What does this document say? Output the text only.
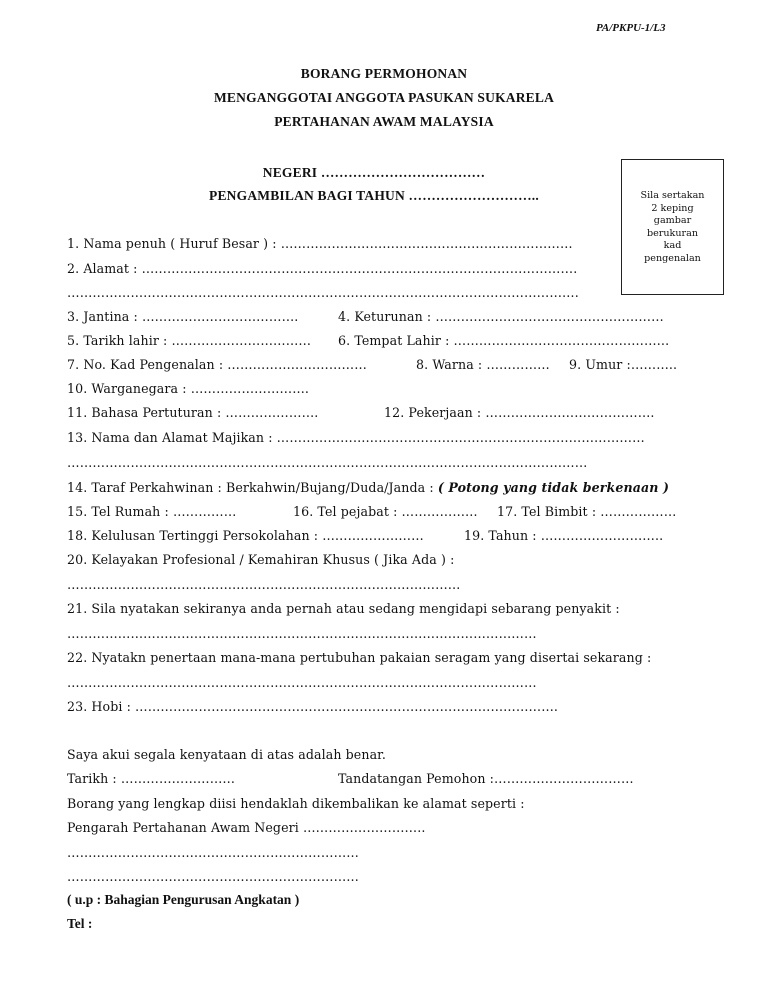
PA/PKPU-1/L3
BORANG PERMOHONAN
MENGANGGOTAI ANGGOTA PASUKAN SUKARELA
PERTAHANAN AWAM MALAYSIA
NEGERI ………………………………
PENGAMBILAN BAGI TAHUN ………………………..	Sila sertakan
2 keping
gambar
berukuran
kad
pengenalan
1. Nama penuh ( Huruf Besar ) : ……………………………………………………………
2. Alamat : ………………………………………………………………………………………….
………………………………………………………………………………………………………….
3. Jantina : ……………………………….	4. Keturunan : ………………………………………………
5. Tarikh lahir : …………………………… 6. Tempat Lahir : ……………………………………………
7. No. Kad Pengenalan : ……………………………	8. Warna : …………… 9. Umur :………..
10. Warganegara : ……………………….
11. Bahasa Pertuturan : ………………….	12. Pekerjaan : ………………………………….
13. Nama dan Alamat Majikan : ……………………………………………………………………………
……………………………………………………………………………………………………………
14. Taraf Perkahwinan : Berkahwin/Bujang/Duda/Janda : ( Potong yang tidak berkenaan )
15. Tel Rumah : ……………	16. Tel pejabat : ……………… 17. Tel Bimbit : ………………
18. Kelulusan Tertinggi Persokolahan : ……………………	19. Tahun : ………………………..
20. Kelayakan Profesional / Kemahiran Khusus ( Jika Ada ) :
…………………………………………………………………………………
21. Sila nyatakan sekiranya anda pernah atau sedang mengidapi sebarang penyakit :
…………………………………………………………………………………………………
22. Nyatakn penertaan mana-mana pertubuhan pakaian seragam yang disertai sekarang :
…………………………………………………………………………………………………
23. Hobi : ……………………………………………………………………………………….
Saya akui segala kenyataan di atas adalah benar.
Tarikh : ………………………	Tandatangan Pemohon :……………………………
Borang yang lengkap diisi hendaklah dikembalikan ke alamat seperti :
Pengarah Pertahanan Awam Negeri ………………………..
……………………………………………………………
……………………………………………………………
( u.p : Bahagian Pengurusan Angkatan )
Tel :
